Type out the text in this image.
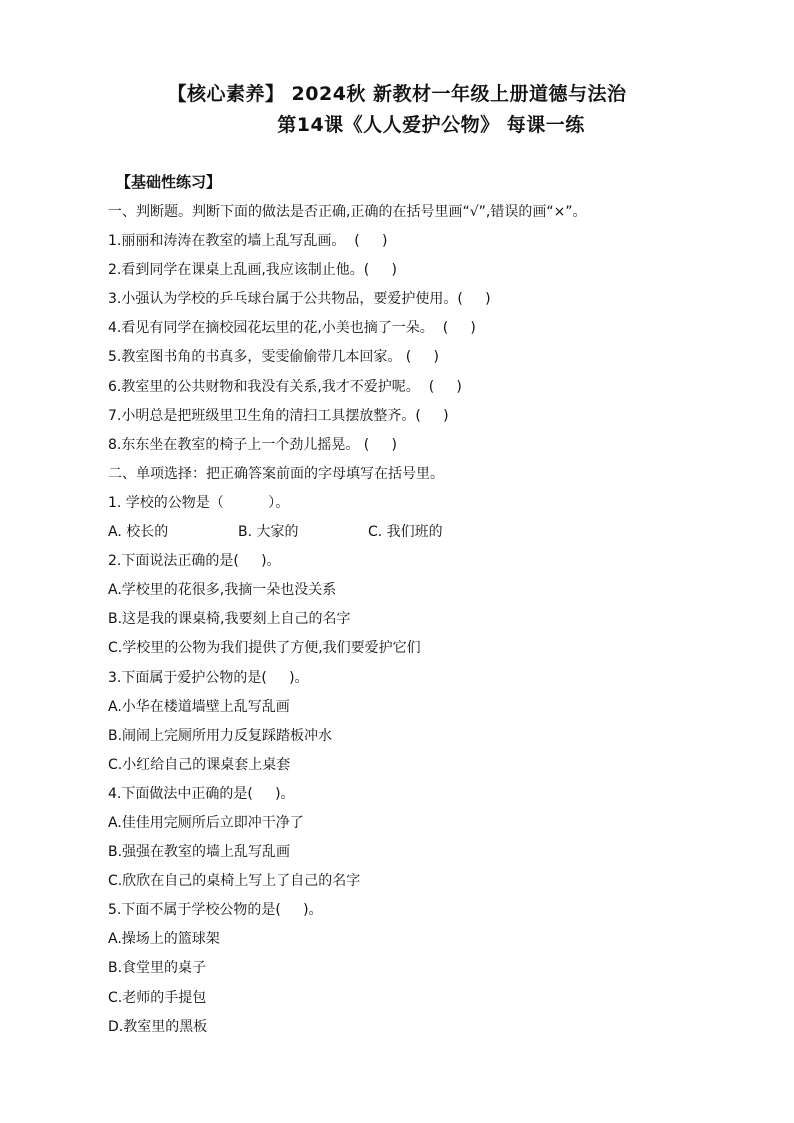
【核心素养】 2024秋 新教材一年级上册道德与法治
第14课《人人爱护公物》 每课一练
【基础性练习】
一、判断题。判断下面的做法是否正确,正确的在括号里画“√”,错误的画“×”。
1.丽丽和涛涛在教室的墙上乱写乱画。  (     )
2.看到同学在课桌上乱画,我应该制止他。(     )
3.小强认为学校的乒乓球台属于公共物品，要爱护使用。(     )
4.看见有同学在摘校园花坛里的花,小美也摘了一朵。  (     )
5.教室图书角的书真多，雯雯偷偷带几本回家。 (     )
6.教室里的公共财物和我没有关系,我才不爱护呢。  (     )
7.小明总是把班级里卫生角的清扫工具摆放整齐。(     )
8.东东坐在教室的椅子上一个劲儿摇晃。 (     )
二、单项选择：把正确答案前面的字母填写在括号里。
1. 学校的公物是（          ）。
A. 校长的	B. 大家的	C. 我们班的
2.下面说法正确的是(     )。
A.学校里的花很多,我摘一朵也没关系
B.这是我的课桌椅,我要刻上自己的名字
C.学校里的公物为我们提供了方便,我们要爱护它们
3.下面属于爱护公物的是(     )。
A.小华在楼道墙壁上乱写乱画
B.闹闹上完厕所用力反复踩踏板冲水
C.小红给自己的课桌套上桌套
4.下面做法中正确的是(     )。
A.佳佳用完厕所后立即冲干净了
B.强强在教室的墙上乱写乱画
C.欣欣在自己的桌椅上写上了自己的名字
5.下面不属于学校公物的是(     )。
A.操场上的篮球架
B.食堂里的桌子
C.老师的手提包
D.教室里的黑板
